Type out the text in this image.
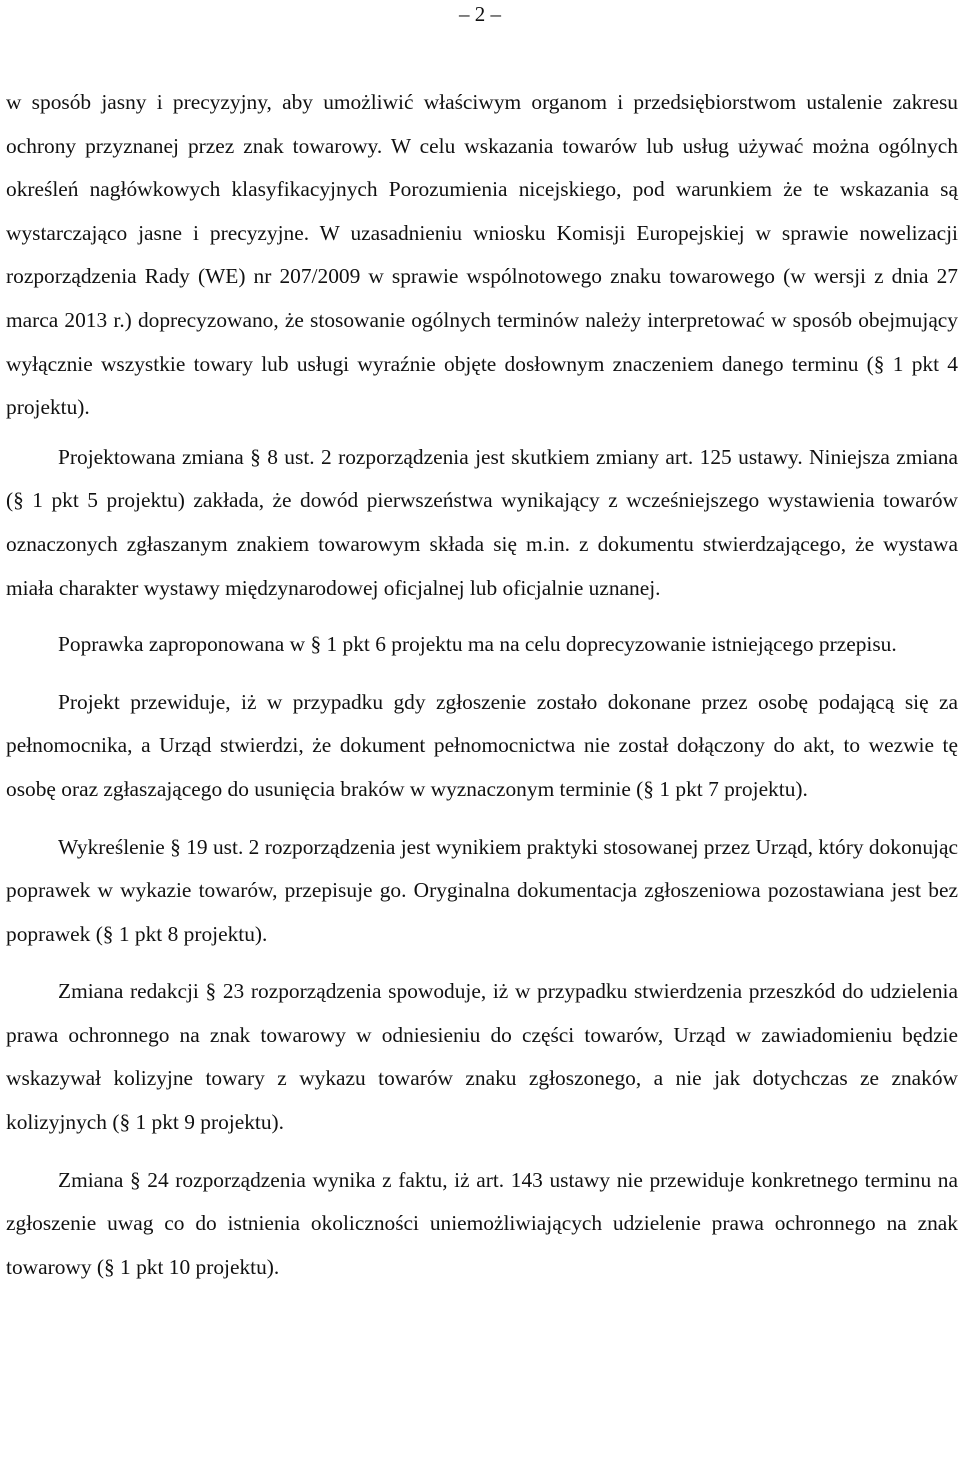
– 2 –

w sposób jasny i precyzyjny, aby umożliwić właściwym organom i przedsiębiorstwom ustalenie zakresu ochrony przyznanej przez znak towarowy. W celu wskazania towarów lub usług używać można ogólnych określeń nagłówkowych klasyfikacyjnych Porozumienia nicejskiego, pod warunkiem że te wskazania są wystarczająco jasne i precyzyjne. W uzasadnieniu wniosku Komisji Europejskiej w sprawie nowelizacji rozporządzenia Rady (WE) nr 207/2009 w sprawie wspólnotowego znaku towarowego (w wersji z dnia 27 marca 2013 r.) doprecyzowano, że stosowanie ogólnych terminów należy interpretować w sposób obejmujący wyłącznie wszystkie towary lub usługi wyraźnie objęte dosłownym znaczeniem danego terminu (§ 1 pkt 4 projektu).

Projektowana zmiana § 8 ust. 2 rozporządzenia jest skutkiem zmiany art. 125 ustawy. Niniejsza zmiana (§ 1 pkt 5 projektu) zakłada, że dowód pierwszeństwa wynikający z wcześniejszego wystawienia towarów oznaczonych zgłaszanym znakiem towarowym składa się m.in. z dokumentu stwierdzającego, że wystawa miała charakter wystawy międzynarodowej oficjalnej lub oficjalnie uznanej.

Poprawka zaproponowana w § 1 pkt 6 projektu ma na celu doprecyzowanie istniejącego przepisu.

Projekt przewiduje, iż w przypadku gdy zgłoszenie zostało dokonane przez osobę podającą się za pełnomocnika, a Urząd stwierdzi, że dokument pełnomocnictwa nie został dołączony do akt, to wezwie tę osobę oraz zgłaszającego do usunięcia braków w wyznaczonym terminie (§ 1 pkt 7 projektu).

Wykreślenie § 19 ust. 2 rozporządzenia jest wynikiem praktyki stosowanej przez Urząd, który dokonując poprawek w wykazie towarów, przepisuje go. Oryginalna dokumentacja zgłoszeniowa pozostawiana jest bez poprawek (§ 1 pkt 8 projektu).

Zmiana redakcji § 23 rozporządzenia spowoduje, iż w przypadku stwierdzenia przeszkód do udzielenia prawa ochronnego na znak towarowy w odniesieniu do części towarów, Urząd w zawiadomieniu będzie wskazywał kolizyjne towary z wykazu towarów znaku zgłoszonego, a nie jak dotychczas ze znaków kolizyjnych (§ 1 pkt 9 projektu).

Zmiana § 24 rozporządzenia wynika z faktu, iż art. 143 ustawy nie przewiduje konkretnego terminu na zgłoszenie uwag co do istnienia okoliczności uniemożliwiających udzielenie prawa ochronnego na znak towarowy (§ 1 pkt 10 projektu).
